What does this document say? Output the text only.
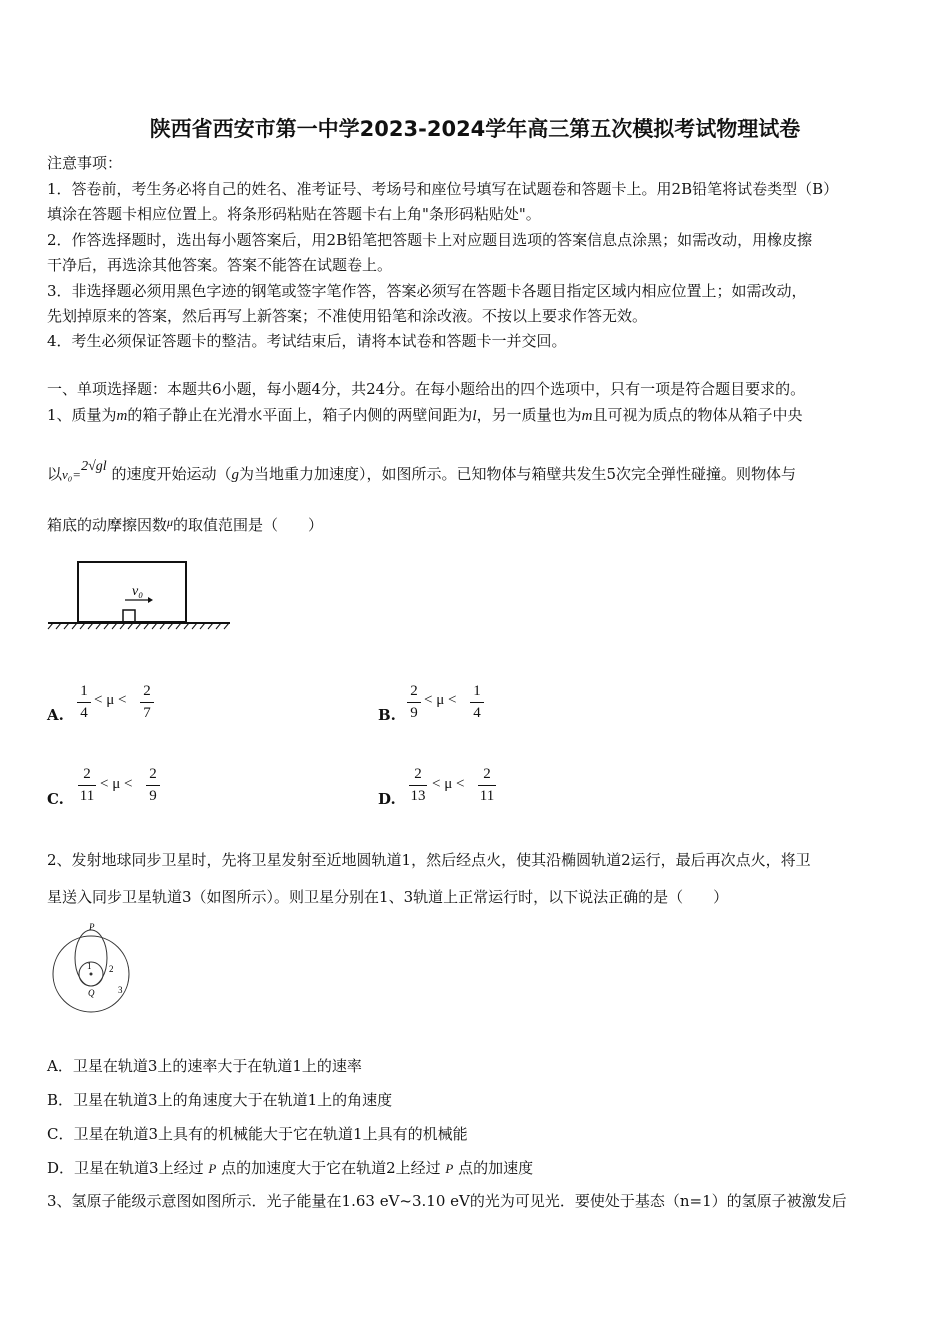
陕西省西安市第一中学2023-2024学年高三第五次模拟考试物理试卷
注意事项：
1．答卷前，考生务必将自己的姓名、准考证号、考场号和座位号填写在试题卷和答题卡上。用2B铅笔将试卷类型（B）
填涂在答题卡相应位置上。将条形码粘贴在答题卡右上角"条形码粘贴处"。
2．作答选择题时，选出每小题答案后，用2B铅笔把答题卡上对应题目选项的答案信息点涂黑；如需改动，用橡皮擦
干净后，再选涂其他答案。答案不能答在试题卷上。
3．非选择题必须用黑色字迹的钢笔或签字笔作答，答案必须写在答题卡各题目指定区域内相应位置上；如需改动，
先划掉原来的答案，然后再写上新答案；不准使用铅笔和涂改液。不按以上要求作答无效。
4．考生必须保证答题卡的整洁。考试结束后，请将本试卷和答题卡一并交回。
一、单项选择题：本题共6小题，每小题4分，共24分。在每小题给出的四个选项中，只有一项是符合题目要求的。
1、质量为m的箱子静止在光滑水平面上，箱子内侧的两壁间距为l，另一质量也为m且可视为质点的物体从箱子中央
以v₀=2√gl 的速度开始运动（g为当地重力加速度），如图所示。已知物体与箱壁共发生5次完全弹性碰撞。则物体与
箱底的动摩擦因数$^\mu$的取值范围是（　　）
v₀
A.
1
4
< μ <
2
7	B.
2
9
< μ <
1
4
C.
2
11
< μ <
2
9	D.
2
13
< μ <
2
11
2、发射地球同步卫星时，先将卫星发射至近地圆轨道1，然后经点火，使其沿椭圆轨道2运行，最后再次点火，将卫
星送入同步卫星轨道3（如图所示）。则卫星分别在1、3轨道上正常运行时，以下说法正确的是（　　）
P
1 2
Q	3
A．卫星在轨道3上的速率大于在轨道1上的速率
B．卫星在轨道3上的角速度大于在轨道1上的角速度
C．卫星在轨道3上具有的机械能大于它在轨道1上具有的机械能
D．卫星在轨道3上经过 P 点的加速度大于它在轨道2上经过 P 点的加速度
3、氢原子能级示意图如图所示．光子能量在1.63 eV~3.10 eV的光为可见光．要使处于基态（n=1）的氢原子被激发后
